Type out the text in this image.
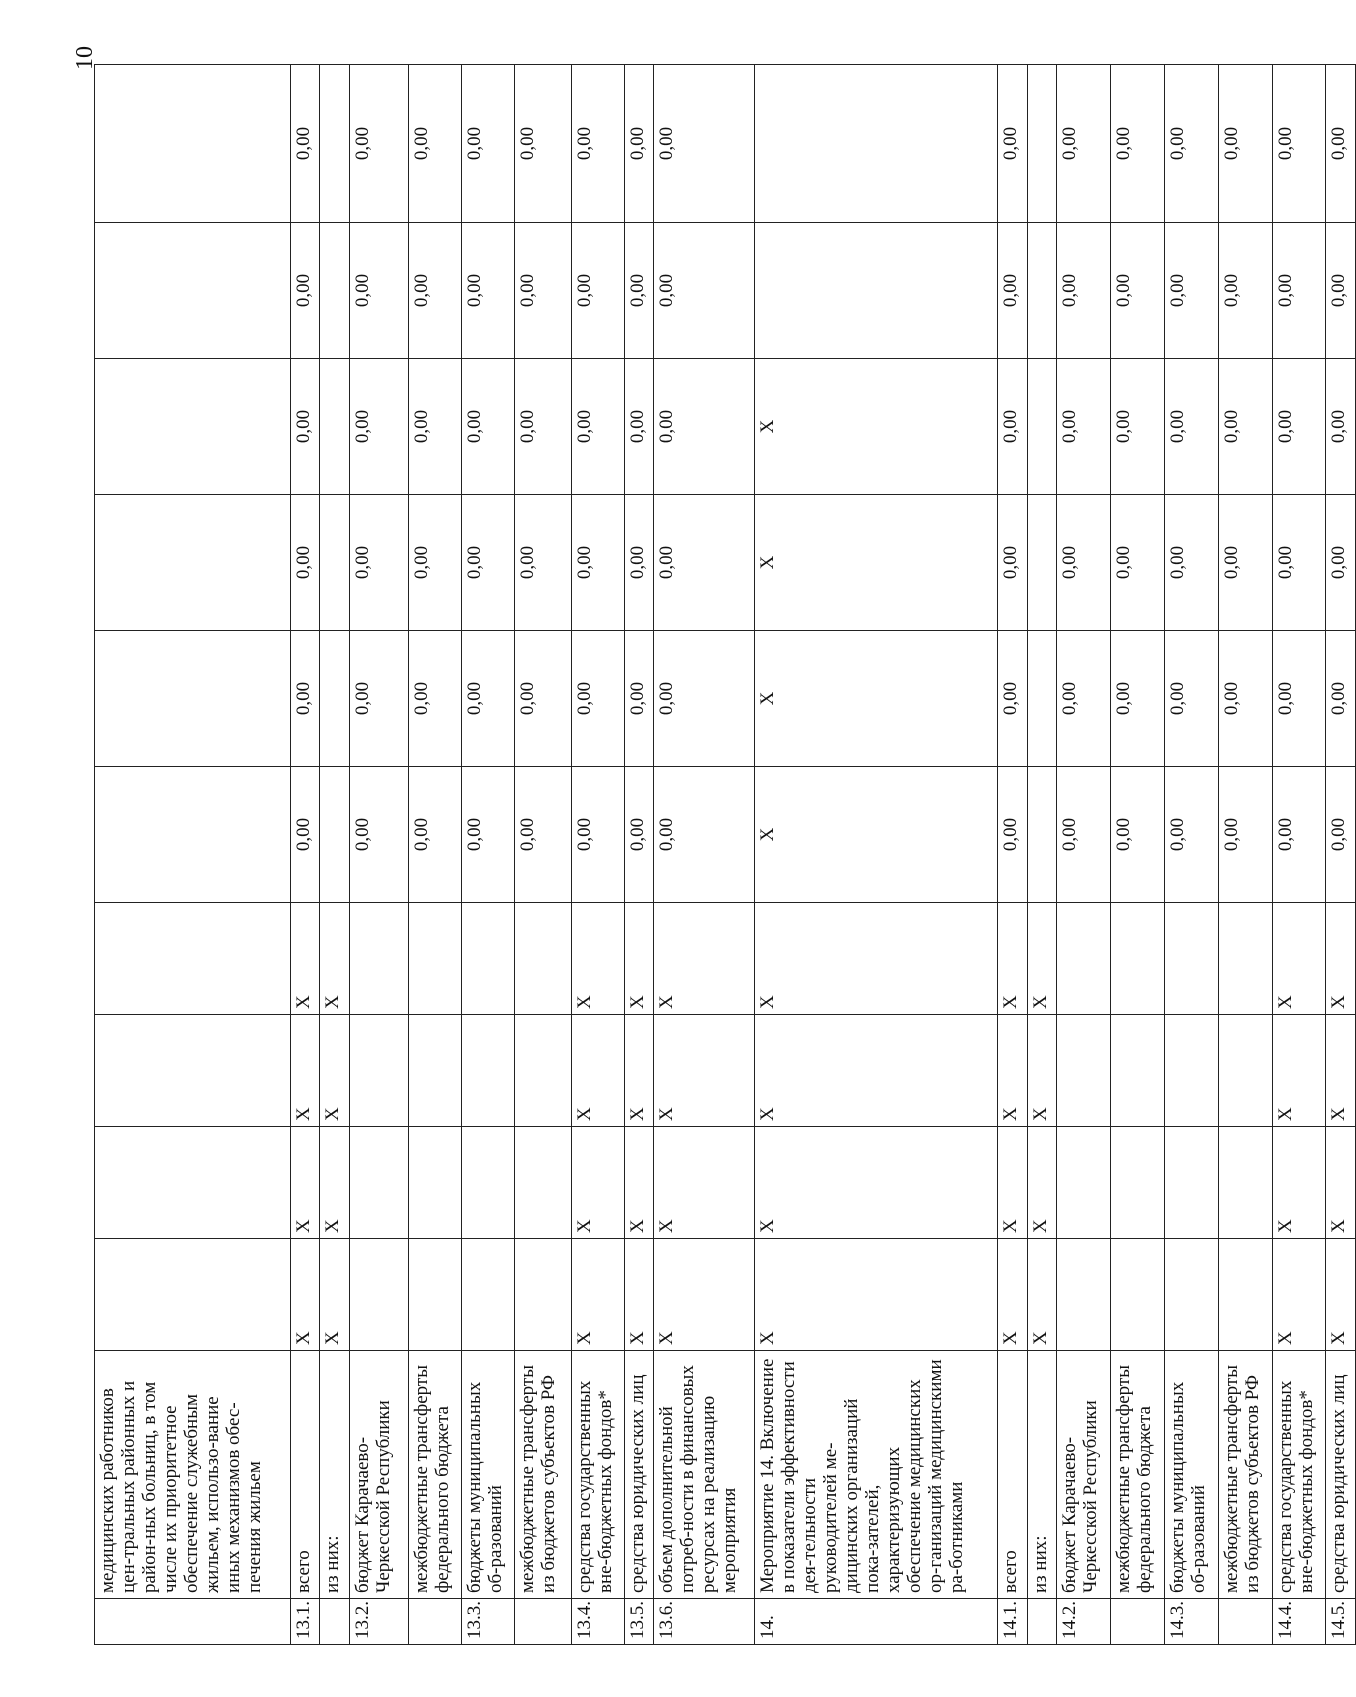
10
	медицинских работников цен-тральных районных и район-ных больниц, в том числе их приоритетное обеспечение служебным жильем, использо-вание иных механизмов обес-печения жильем										
13.1.	всего	Х	Х	Х	Х	0,00	0,00	0,00	0,00	0,00	0,00
	из них:	Х	Х	Х	Х						
13.2.	бюджет Карачаево-Черкесской Республики					0,00	0,00	0,00	0,00	0,00	0,00
	межбюджетные трансферты федерального бюджета					0,00	0,00	0,00	0,00	0,00	0,00
13.3.	бюджеты муниципальных об-разований					0,00	0,00	0,00	0,00	0,00	0,00
	межбюджетные трансферты из бюджетов субъектов РФ					0,00	0,00	0,00	0,00	0,00	0,00
13.4.	средства государственных вне-бюджетных фондов*	Х	Х	Х	Х	0,00	0,00	0,00	0,00	0,00	0,00
13.5.	средства юридических лиц	Х	Х	Х	Х	0,00	0,00	0,00	0,00	0,00	0,00
13.6.	объем дополнительной потреб-ности в финансовых ресурсах на реализацию мероприятия	Х	Х	Х	Х	0,00	0,00	0,00	0,00	0,00	0,00
14.	Мероприятие 14. Включение в показатели эффективности дея-тельности руководителей ме-дицинских организаций пока-зателей, характеризующих обеспечение медицинских ор-ганизаций медицинскими ра-ботниками	Х	Х	Х	Х	Х	Х	Х	Х		
14.1.	всего	Х	Х	Х	Х	0,00	0,00	0,00	0,00	0,00	0,00
	из них:	Х	Х	Х	Х						
14.2.	бюджет Карачаево-Черкесской Республики					0,00	0,00	0,00	0,00	0,00	0,00
	межбюджетные трансферты федерального бюджета					0,00	0,00	0,00	0,00	0,00	0,00
14.3.	бюджеты муниципальных об-разований					0,00	0,00	0,00	0,00	0,00	0,00
	межбюджетные трансферты из бюджетов субъектов РФ					0,00	0,00	0,00	0,00	0,00	0,00
14.4.	средства государственных вне-бюджетных фондов*	Х	Х	Х	Х	0,00	0,00	0,00	0,00	0,00	0,00
14.5.	средства юридических лиц	Х	Х	Х	Х	0,00	0,00	0,00	0,00	0,00	0,00
